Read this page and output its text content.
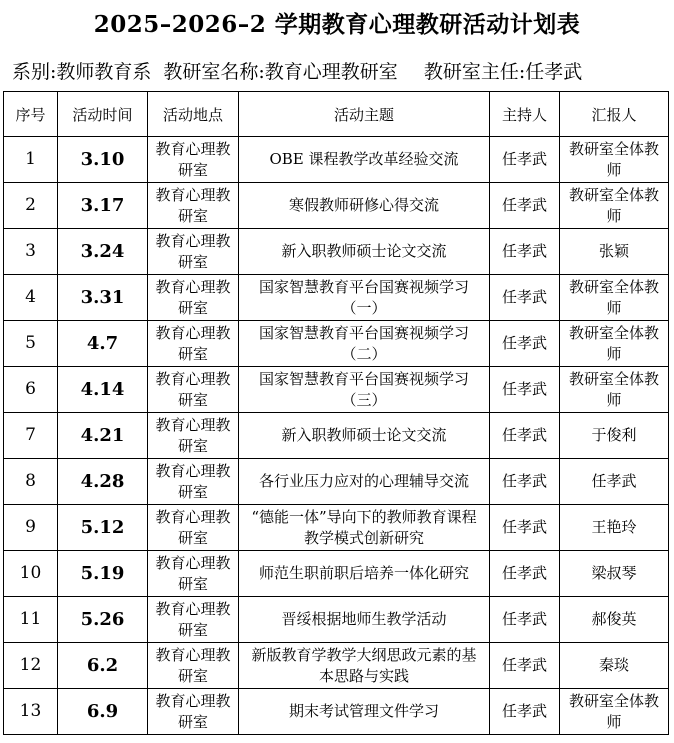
2025–2026–2 学期教育心理教研活动计划表
系别:教师教育系 教研室名称:教育心理教研室 教研室主任:任孝武
序号	活动时间	活动地点	活动主题	主持人	汇报人
1	3.10	教育心理教研室	OBE 课程教学改革经验交流	任孝武	教研室全体教师
2	3.17	教育心理教研室	寒假教师研修心得交流	任孝武	教研室全体教师
3	3.24	教育心理教研室	新入职教师硕士论文交流	任孝武	张颖
4	3.31	教育心理教研室	国家智慧教育平台国赛视频学习（一）	任孝武	教研室全体教师
5	4.7	教育心理教研室	国家智慧教育平台国赛视频学习（二）	任孝武	教研室全体教师
6	4.14	教育心理教研室	国家智慧教育平台国赛视频学习（三）	任孝武	教研室全体教师
7	4.21	教育心理教研室	新入职教师硕士论文交流	任孝武	于俊利
8	4.28	教育心理教研室	各行业压力应对的心理辅导交流	任孝武	任孝武
9	5.12	教育心理教研室	“德能一体”导向下的教师教育课程教学模式创新研究	任孝武	王艳玲
10	5.19	教育心理教研室	师范生职前职后培养一体化研究	任孝武	梁叔琴
11	5.26	教育心理教研室	晋绥根据地师生教学活动	任孝武	郝俊英
12	6.2	教育心理教研室	新版教育学教学大纲思政元素的基本思路与实践	任孝武	秦琰
13	6.9	教育心理教研室	期末考试管理文件学习	任孝武	教研室全体教师
